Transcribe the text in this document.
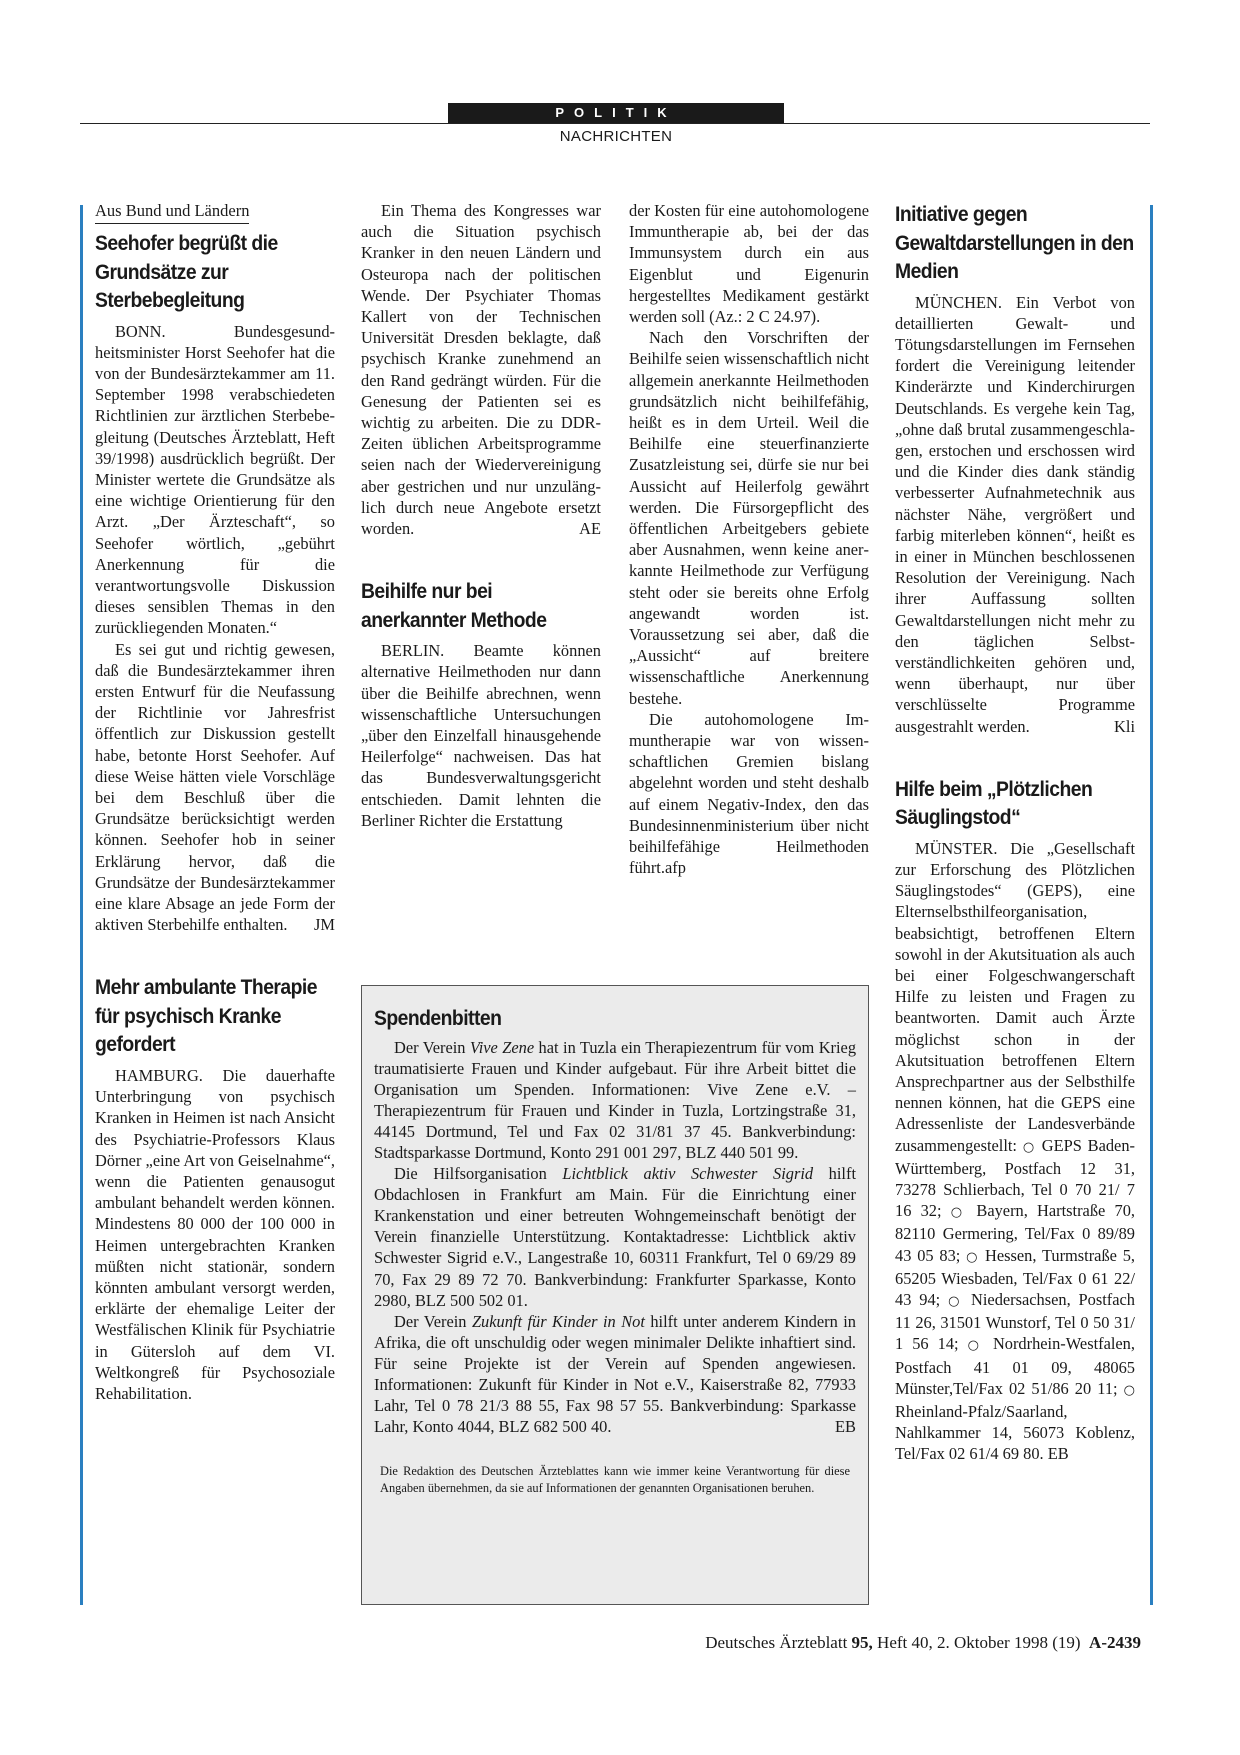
POLITIK
NACHRICHTEN
Aus Bund und Ländern
Seehofer begrüßt die Grundsätze zur Sterbebegleitung

BONN. Bundesgesundheitsminister Horst Seehofer hat die von der Bundesärztekammer am 11. September 1998 verabschiedeten Richtlinien zur ärztlichen Sterbebegleitung (Deutsches Ärzteblatt, Heft 39/1998) ausdrücklich begrüßt. Der Minister wertete die Grundsätze als eine wichtige Orientierung für den Arzt. „Der Ärzteschaft“, so Seehofer wörtlich, „gebührt Anerkennung für die verantwortungsvolle Diskussion dieses sensiblen Themas in den zurückliegenden Monaten.“

Es sei gut und richtig gewesen, daß die Bundesärztekammer ihren ersten Entwurf für die Neufassung der Richtlinie vor Jahresfrist öffentlich zur Diskussion gestellt habe, betonte Horst Seehofer. Auf diese Weise hätten viele Vorschläge bei dem Beschluß über die Grundsätze berücksichtigt werden können. Seehofer hob in seiner Erklärung hervor, daß die Grundsätze der Bundesärztekammer eine klare Absage an jede Form der aktiven Sterbehilfe enthalten. JM

Mehr ambulante Therapie für psychisch Kranke gefordert

HAMBURG. Die dauerhafte Unterbringung von psychisch Kranken in Heimen ist nach Ansicht des Psychiatrie-Professors Klaus Dörner „eine Art von Geiselnahme“, wenn die Patienten genausogut ambulant behandelt werden können. Mindestens 80 000 der 100 000 in Heimen untergebrachten Kranken müßten nicht stationär, sondern könnten ambulant versorgt werden, erklärte der ehemalige Leiter der Westfälischen Klinik für Psychiatrie in Gütersloh auf dem VI. Weltkongreß für Psychosoziale Rehabilitation.

Ein Thema des Kongresses war auch die Situation psychisch Kranker in den neuen Ländern und Osteuropa nach der politischen Wende. Der Psychiater Thomas Kallert von der Technischen Universität Dresden beklagte, daß psychisch Kranke zunehmend an den Rand gedrängt würden. Für die Genesung der Patienten sei es wichtig zu arbeiten. Die zu DDR-Zeiten üblichen Arbeitsprogramme seien nach der Wiedervereinigung aber gestrichen und nur unzulänglich durch neue Angebote ersetzt worden.	AE

Beihilfe nur bei anerkannter Methode

BERLIN. Beamte können alternative Heilmethoden nur dann über die Beihilfe abrechnen, wenn wissenschaftliche Untersuchungen „über den Einzelfall hinausgehende Heilerfolge“ nachweisen. Das hat das Bundesverwaltungsgericht entschieden. Damit lehnten die Berliner Richter die Erstattung

der Kosten für eine autohomologene Immuntherapie ab, bei der das Immunsystem durch ein aus Eigenblut und Eigenurin hergestelltes Medikament gestärkt werden soll (Az.: 2 C 24.97).

Nach den Vorschriften der Beihilfe seien wissenschaftlich nicht allgemein anerkannte Heilmethoden grundsätzlich nicht beihilfefähig, heißt es in dem Urteil. Weil die Beihilfe eine steuerfinanzierte Zusatzleistung sei, dürfe sie nur bei Aussicht auf Heilerfolg gewährt werden. Die Fürsorgepflicht des öffentlichen Arbeitgebers gebiete aber Ausnahmen, wenn keine anerkannte Heilmethode zur Verfügung steht oder sie bereits ohne Erfolg angewandt worden ist. Voraussetzung sei aber, daß die „Aussicht“ auf breitere wissenschaftliche Anerkennung bestehe.

Die autohomologene Immuntherapie war von wissenschaftlichen Gremien bislang abgelehnt worden und steht deshalb auf einem Negativ-Index, den das Bundesinnenministerium über nicht beihilfefähige Heilmethoden führt.afp

Initiative gegen Gewaltdarstellungen in den Medien

MÜNCHEN. Ein Verbot von detaillierten Gewalt- und Tötungsdarstellungen im Fernsehen fordert die Vereinigung leitender Kinderärzte und Kinderchirurgen Deutschlands. Es vergehe kein Tag, „ohne daß brutal zusammengeschlagen, erstochen und erschossen wird und die Kinder dies dank ständig verbesserter Aufnahmetechnik aus nächster Nähe, vergrößert und farbig miterleben können“, heißt es in einer in München beschlossenen Resolution der Vereinigung. Nach ihrer Auffassung sollten Gewaltdarstellungen nicht mehr zu den täglichen Selbstverständlichkeiten gehören und, wenn überhaupt, nur über verschlüsselte Programme ausgestrahlt werden.	Kli

Hilfe beim „Plötzlichen Säuglingstod“

MÜNSTER. Die „Gesellschaft zur Erforschung des Plötzlichen Säuglingstodes“ (GEPS), eine Elternselbsthilfeorganisation, beabsichtigt, betroffenen Eltern sowohl in der Akutsituation als auch bei einer Folgeschwangerschaft Hilfe zu leisten und Fragen zu beantworten. Damit auch Ärzte möglichst schon in der Akutsituation betroffenen Eltern Ansprechpartner aus der Selbsthilfe nennen können, hat die GEPS eine Adressenliste der Landesverbände zusammengestellt: ○ GEPS Baden-Württemberg, Postfach 12 31, 73278 Schlierbach, Tel 0 70 21/ 7 16 32; ○ Bayern, Hartstraße 70, 82110 Germering, Tel/Fax 0 89/89 43 05 83; ○ Hessen, Turmstraße 5, 65205 Wiesbaden, Tel/Fax 0 61 22/ 43 94; ○ Niedersachsen, Postfach 11 26, 31501 Wunstorf, Tel 0 50 31/ 1 56 14; ○ Nordrhein-Westfalen, Postfach 41 01 09, 48065 Münster,Tel/Fax 02 51/86 20 11; ○ Rheinland-Pfalz/Saarland, Nahlkammer 14, 56073 Koblenz, Tel/Fax 02 61/4 69 80. EB

Spendenbitten

Der Verein Vive Zene hat in Tuzla ein Therapiezentrum für vom Krieg traumatisierte Frauen und Kinder aufgebaut. Für ihre Arbeit bittet die Organisation um Spenden. Informationen: Vive Zene e.V. – Therapiezentrum für Frauen und Kinder in Tuzla, Lortzingstraße 31, 44145 Dortmund, Tel und Fax 02 31/81 37 45. Bankverbindung: Stadtsparkasse Dortmund, Konto 291 001 297, BLZ 440 501 99.

Die Hilfsorganisation Lichtblick aktiv Schwester Sigrid hilft Obdachlosen in Frankfurt am Main. Für die Einrichtung einer Krankenstation und einer betreuten Wohngemeinschaft benötigt der Verein finanzielle Unterstützung. Kontaktadresse: Lichtblick aktiv Schwester Sigrid e.V., Langestraße 10, 60311 Frankfurt, Tel 0 69/29 89 70, Fax 29 89 72 70. Bankverbindung: Frankfurter Sparkasse, Konto 2980, BLZ 500 502 01.

Der Verein Zukunft für Kinder in Not hilft unter anderem Kindern in Afrika, die oft unschuldig oder wegen minimaler Delikte inhaftiert sind. Für seine Projekte ist der Verein auf Spenden angewiesen. Informationen: Zukunft für Kinder in Not e.V., Kaiserstraße 82, 77933 Lahr, Tel 0 78 21/3 88 55, Fax 98 57 55. Bankverbindung: Sparkasse Lahr, Konto 4044, BLZ 682 500 40.	EB

Die Redaktion des Deutschen Ärzteblattes kann wie immer keine Verantwortung für diese Angaben übernehmen, da sie auf Informationen der genannten Organisationen beruhen.
Deutsches Ärzteblatt 95, Heft 40, 2. Oktober 1998 (19) A-2439
